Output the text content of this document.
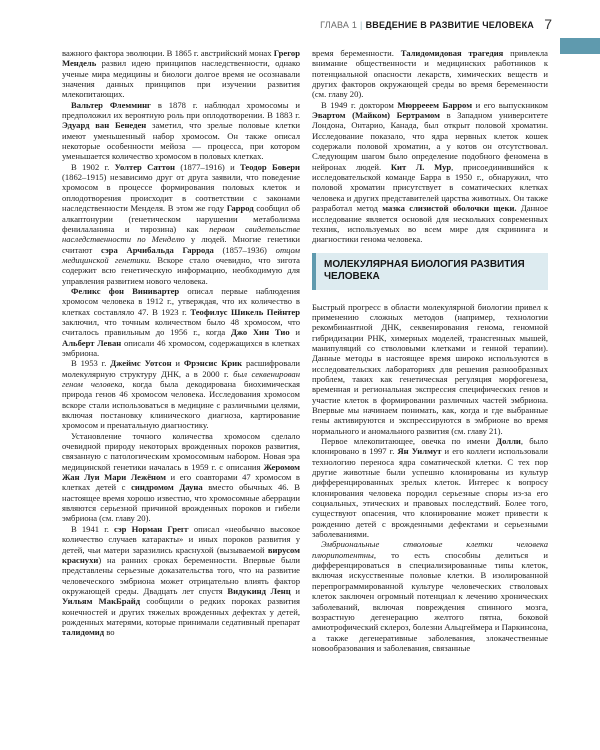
ГЛАВА 1 | ВВЕДЕНИЕ В РАЗВИТИЕ ЧЕЛОВЕКА 7

важного фактора эволюции. В 1865 г. австрийский монах Грегор Мендель развил идею принципов наследственности, однако ученые мира медицины и биологи долгое время не осознавали значения данных принципов при изучении развития млекопитающих.

Вальтер Флемминг в 1878 г. наблюдал хромосомы и предположил их вероятную роль при оплодотворении. В 1883 г. Эдуард ван Бенеден заметил, что зрелые половые клетки имеют уменьшенный набор хромосом. Он также описал некоторые особенности мейоза — процесса, при котором уменьшается количество хромосом в половых клетках.

В 1902 г. Уолтер Саттон (1877–1916) и Теодор Бовери (1862–1915) независимо друг от друга заявили, что поведение хромосом в процессе формирования половых клеток и оплодотворения происходит в соответствии с законами наследственности Менделя. В этом же году Гаррод сообщил об алкаптонурии (генетическом нарушении метаболизма фенилаланина и тирозина) как первом свидетельстве наследственности по Менделю у людей. Многие генетики считают сэра Арчибальда Гаррода (1857–1936) отцом медицинской генетики. Вскоре стало очевидно, что зигота содержит всю генетическую информацию, необходимую для управления развитием нового человека.

Феликс фон Винивартер описал первые наблюдения хромосом человека в 1912 г., утверждая, что их количество в клетках составляло 47. В 1923 г. Теофилус Шикель Пейнтер заключил, что точным количеством было 48 хромосом, что считалось правильным до 1956 г., когда Джо Хин Тио и Альберт Леван описали 46 хромосом, содержащихся в клетках эмбриона.

В 1953 г. Джеймс Уотсон и Фрэнсис Крик расшифровали молекулярную структуру ДНК, а в 2000 г. был секвенирован геном человека, когда была декодирована биохимическая природа генов 46 хромосом человека. Исследования хромосом вскоре стали использоваться в медицине с различными целями, включая постановку клинического диагноза, картирование хромосом и пренатальную диагностику.

Установление точного количества хромосом сделало очевидной природу некоторых врожденных пороков развития, связанную с патологическим хромосомным набором. Новая эра медицинской генетики началась в 1959 г. с описания Жеромом Жан Луи Мари Лежёном и его соавторами 47 хромосом в клетках детей с синдромом Дауна вместо обычных 46. В настоящее время хорошо известно, что хромосомные аберрации являются серьезной причиной врожденных пороков и гибели эмбриона (см. главу 20).

В 1941 г. сэр Норман Грегг описал «необычно высокое количество случаев катаракты» и иных пороков развития у детей, чьи матери заразились краснухой (вызываемой вирусом краснухи) на ранних сроках беременности. Впервые были представлены серьезные доказательства того, что на развитие человеческого эмбриона может отрицательно влиять фактор окружающей среды. Двадцать лет спустя Видукинд Ленц и Уильям МакБрайд сообщили о редких пороках развития конечностей и других тяжелых врожденных дефектах у детей, рожденных матерями, которые принимали седативный препарат талидомид во

время беременности. Талидомидовая трагедия привлекла внимание общественности и медицинских работников к потенциальной опасности лекарств, химических веществ и других факторов окружающей среды во время беременности (см. главу 20).

В 1949 г. доктором Мюррееем Барром и его выпускником Эвартом (Майком) Бертрамом в Западном университете Лондона, Онтарио, Канада, был открыт половой хроматин. Исследование показало, что ядра нервных клеток кошек содержали половой хроматин, а у котов он отсутствовал. Следующим шагом было определение подобного феномена в нейронах людей. Кит Л. Мур, присоединившийся к исследовательской команде Барра в 1950 г., обнаружил, что половой хроматин присутствует в соматических клетках человека и других представителей царства животных. Он также разработал метод мазка слизистой оболочки щеки. Данное исследование является основой для нескольких современных техник, используемых во всем мире для скрининга и диагностики генома человека.

МОЛЕКУЛЯРНАЯ БИОЛОГИЯ РАЗВИТИЯ ЧЕЛОВЕКА

Быстрый прогресс в области молекулярной биологии привел к применению сложных методов (например, технологии рекомбинантной ДНК, секвенирования генома, геномной гибридизации РНК, химерных моделей, трансгенных мышей, манипуляций со стволовыми клетками и генной терапии). Данные методы в настоящее время широко используются в исследовательских лабораториях для решения разнообразных проблем, таких как генетическая регуляция морфогенеза, временная и региональная экспрессия специфических генов и участие клеток в формировании различных частей эмбриона. Впервые мы начинаем понимать, как, когда и где выбранные гены активируются и экспрессируются в эмбрионе во время нормального и аномального развития (см. главу 21).

Первое млекопитающее, овечка по имени Долли, было клонировано в 1997 г. Ян Уилмут и его коллеги использовали технологию переноса ядра соматической клетки. С тех пор другие животные были успешно клонированы из культур дифференцированных зрелых клеток. Интерес к вопросу клонирования человека породил серьезные споры из-за его социальных, этических и правовых последствий. Более того, существуют опасения, что клонирование может привести к рождению детей с врожденными дефектами и серьезными заболеваниями.

Эмбриональные стволовые клетки человека плюрипотентны, то есть способны делиться и дифференцироваться в специализированные типы клеток, включая искусственные половые клетки. В изолированной перепрограммированной культуре человеческих стволовых клеток заключен огромный потенциал к лечению хронических заболеваний, включая повреждения спинного мозга, возрастную дегенерацию желтого пятна, боковой амиотрофический склероз, болезни Альцгеймера и Паркинсона, а также дегенеративные заболевания, злокачественные новообразования и заболевания, связанные
